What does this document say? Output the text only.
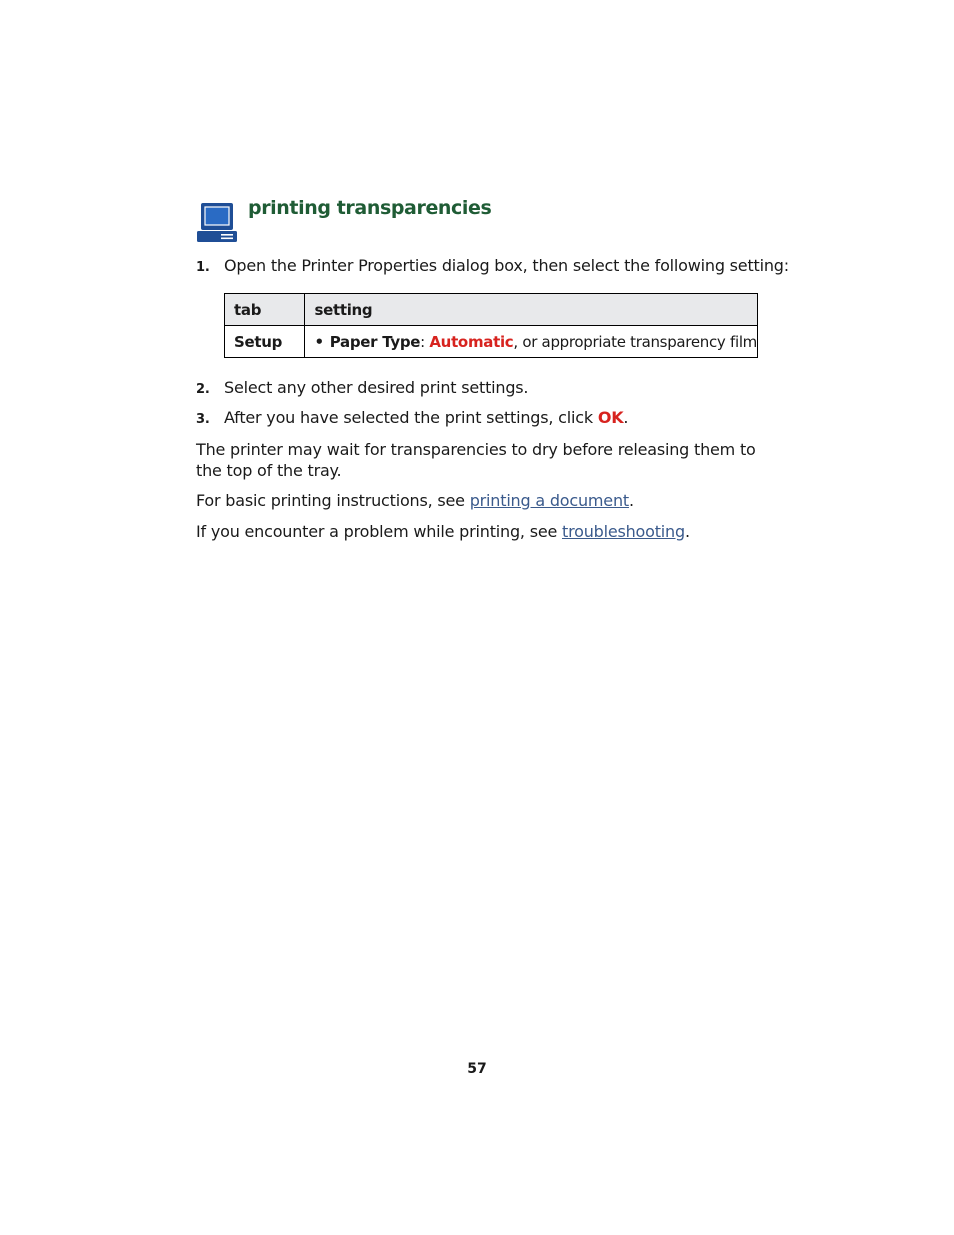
printing transparencies
1. Open the Printer Properties dialog box, then select the following setting:
tab	setting
Setup	• Paper Type: Automatic, or appropriate transparency film
2. Select any other desired print settings.
3. After you have selected the print settings, click OK.
The printer may wait for transparencies to dry before releasing them to the top of the tray.
For basic printing instructions, see printing a document.
If you encounter a problem while printing, see troubleshooting.
57
